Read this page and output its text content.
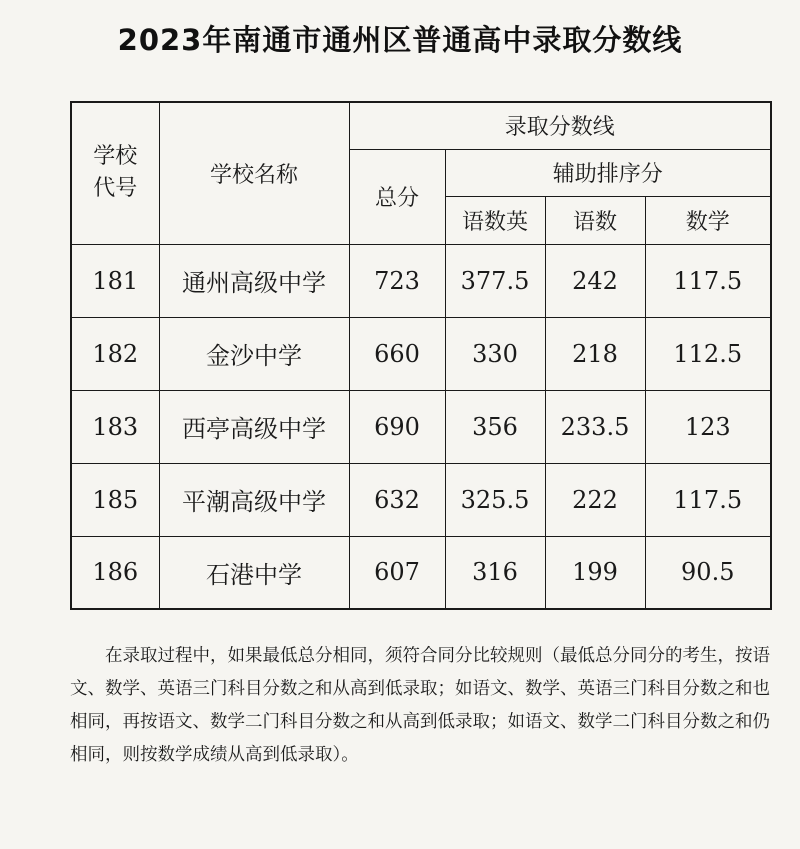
2023年南通市通州区普通高中录取分数线
学校
代号	学校名称	录取分数线			
		总分	辅助排序分		
			语数英	语数	数学
181	通州高级中学	723	377.5	242	117.5
182	金沙中学	660	330	218	112.5
183	西亭高级中学	690	356	233.5	123
185	平潮高级中学	632	325.5	222	117.5
186	石港中学	607	316	199	90.5

在录取过程中，如果最低总分相同，须符合同分比较规则（最低总分同分的考生，按语文、数学、英语三门科目分数之和从高到低录取；如语文、数学、英语三门科目分数之和也相同，再按语文、数学二门科目分数之和从高到低录取；如语文、数学二门科目分数之和仍相同，则按数学成绩从高到低录取）。
